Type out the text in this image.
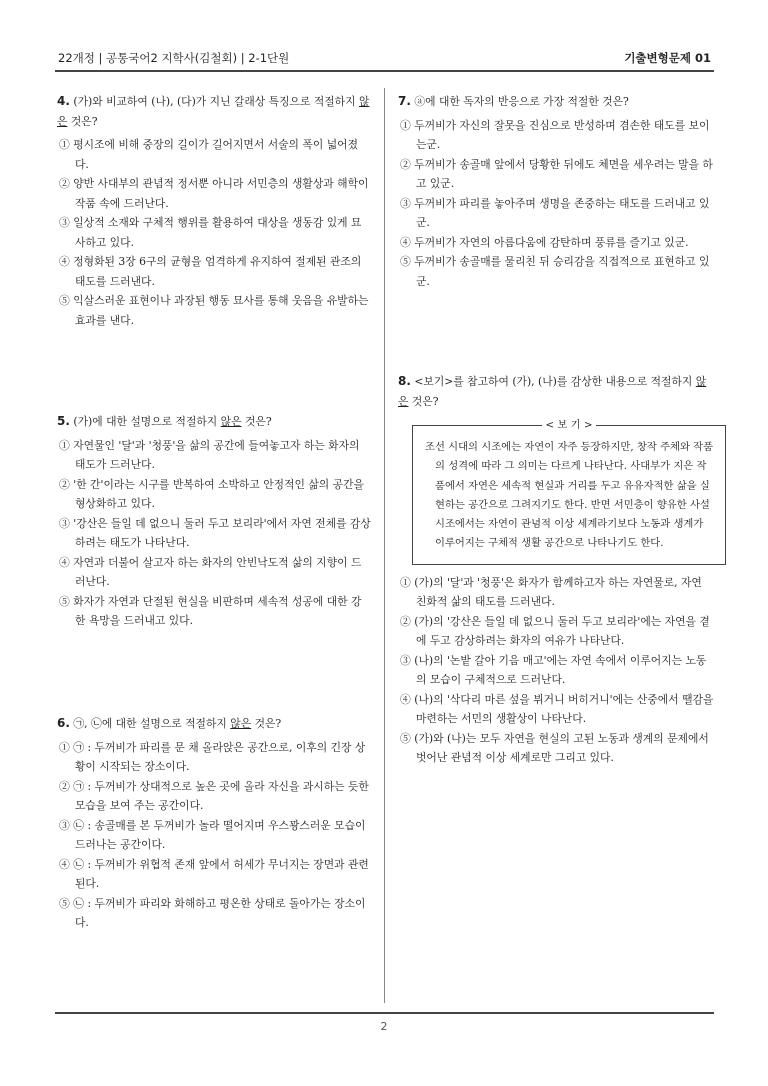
22개정 | 공통국어2 지학사(김철회) | 2-1단원	기출변형문제 01
4. (가)와 비교하여 (나), (다)가 지닌 갈래상 특징으로 적절하지 않은 것은?
① 평시조에 비해 중장의 길이가 길어지면서 서술의 폭이 넓어졌다.
② 양반 사대부의 관념적 정서뿐 아니라 서민층의 생활상과 해학이 작품 속에 드러난다.
③ 일상적 소재와 구체적 행위를 활용하여 대상을 생동감 있게 묘사하고 있다.
④ 정형화된 3장 6구의 균형을 엄격하게 유지하여 절제된 관조의 태도를 드러낸다.
⑤ 익살스러운 표현이나 과장된 행동 묘사를 통해 웃음을 유발하는 효과를 낸다.
5. (가)에 대한 설명으로 적절하지 않은 것은?
① 자연물인 '달'과 '청풍'을 삶의 공간에 들여놓고자 하는 화자의 태도가 드러난다.
② '한 간'이라는 시구를 반복하여 소박하고 안정적인 삶의 공간을 형상화하고 있다.
③ '강산은 들일 데 없으니 둘러 두고 보리라'에서 자연 전체를 감상하려는 태도가 나타난다.
④ 자연과 더불어 살고자 하는 화자의 안빈낙도적 삶의 지향이 드러난다.
⑤ 화자가 자연과 단절된 현실을 비판하며 세속적 성공에 대한 강한 욕망을 드러내고 있다.
6. ㉠, ㉡에 대한 설명으로 적절하지 않은 것은?
① ㉠ : 두꺼비가 파리를 문 채 올라앉은 공간으로, 이후의 긴장 상황이 시작되는 장소이다.
② ㉠ : 두꺼비가 상대적으로 높은 곳에 올라 자신을 과시하는 듯한 모습을 보여 주는 공간이다.
③ ㉡ : 송골매를 본 두꺼비가 놀라 떨어지며 우스꽝스러운 모습이 드러나는 공간이다.
④ ㉡ : 두꺼비가 위협적 존재 앞에서 허세가 무너지는 장면과 관련된다.
⑤ ㉡ : 두꺼비가 파리와 화해하고 평온한 상태로 돌아가는 장소이다.
7. ⓐ에 대한 독자의 반응으로 가장 적절한 것은?
① 두꺼비가 자신의 잘못을 진심으로 반성하며 겸손한 태도를 보이는군.
② 두꺼비가 송골매 앞에서 당황한 뒤에도 체면을 세우려는 말을 하고 있군.
③ 두꺼비가 파리를 놓아주며 생명을 존중하는 태도를 드러내고 있군.
④ 두꺼비가 자연의 아름다움에 감탄하며 풍류를 즐기고 있군.
⑤ 두꺼비가 송골매를 물리친 뒤 승리감을 직접적으로 표현하고 있군.
8. <보기>를 참고하여 (가), (나)를 감상한 내용으로 적절하지 않은 것은?
< 보 기 >

조선 시대의 시조에는 자연이 자주 등장하지만, 창작 주체와 작품의 성격에 따라 그 의미는 다르게 나타난다. 사대부가 지은 작품에서 자연은 세속적 현실과 거리를 두고 유유자적한 삶을 실현하는 공간으로 그려지기도 한다. 반면 서민층이 향유한 사설시조에서는 자연이 관념적 이상 세계라기보다 노동과 생계가 이루어지는 구체적 생활 공간으로 나타나기도 한다.

① (가)의 '달'과 '청풍'은 화자가 함께하고자 하는 자연물로, 자연 친화적 삶의 태도를 드러낸다.
② (가)의 '강산은 들일 데 없으니 둘러 두고 보리라'에는 자연을 곁에 두고 감상하려는 화자의 여유가 나타난다.
③ (나)의 '논밭 갈아 기음 매고'에는 자연 속에서 이루어지는 노동의 모습이 구체적으로 드러난다.
④ (나)의 '삭다리 마른 섶을 뷔거니 버히거니'에는 산중에서 땔감을 마련하는 서민의 생활상이 나타난다.
⑤ (가)와 (나)는 모두 자연을 현실의 고된 노동과 생계의 문제에서 벗어난 관념적 이상 세계로만 그리고 있다.
2
